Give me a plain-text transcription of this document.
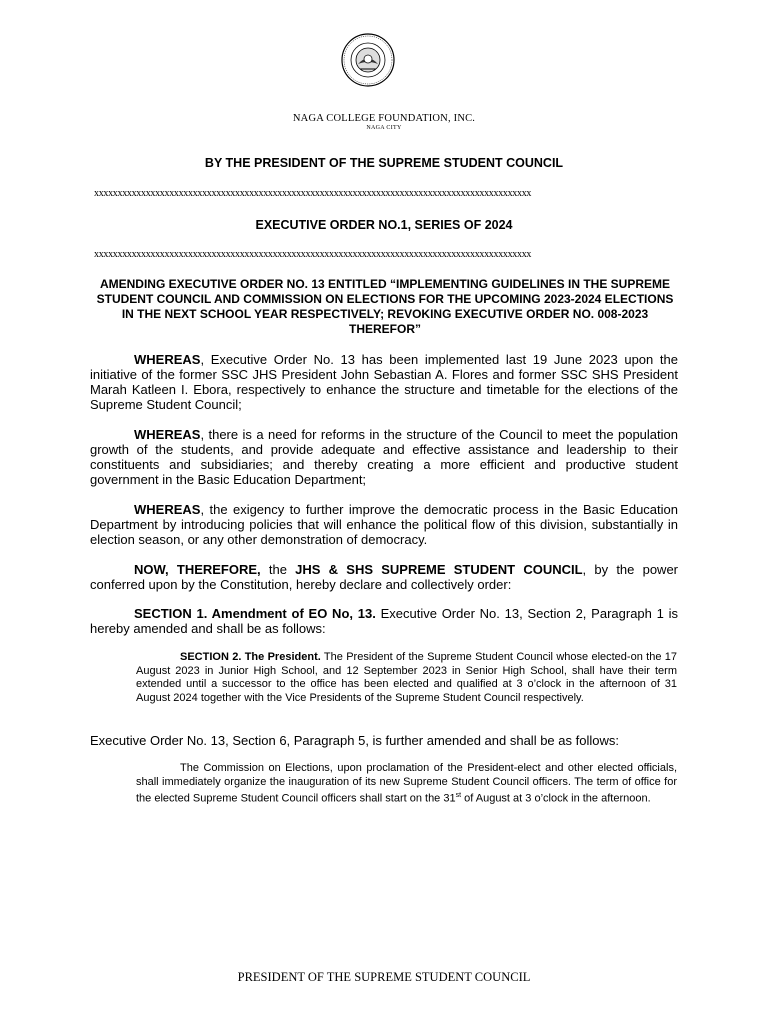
NAGA COLLEGE FOUNDATION, INC.
NAGA CITY
BY THE PRESIDENT OF THE SUPREME STUDENT COUNCIL
xxxxxxxxxxxxxxxxxxxxxxxxxxxxxxxxxxxxxxxxxxxxxxxxxxxxxxxxxxxxxxxxxxxxxxxxxxxxxxxxxxxxxxxxxxxxx
EXECUTIVE ORDER NO.1, SERIES OF 2024
xxxxxxxxxxxxxxxxxxxxxxxxxxxxxxxxxxxxxxxxxxxxxxxxxxxxxxxxxxxxxxxxxxxxxxxxxxxxxxxxxxxxxxxxxxxxx
AMENDING EXECUTIVE ORDER NO. 13 ENTITLED “IMPLEMENTING GUIDELINES IN THE SUPREME STUDENT COUNCIL AND COMMISSION ON ELECTIONS FOR THE UPCOMING 2023-2024 ELECTIONS IN THE NEXT SCHOOL YEAR RESPECTIVELY; REVOKING EXECUTIVE ORDER NO. 008-2023 THEREFOR”
WHEREAS, Executive Order No. 13 has been implemented last 19 June 2023 upon the initiative of the former SSC JHS President John Sebastian A. Flores and former SSC SHS President Marah Katleen I. Ebora, respectively to enhance the structure and timetable for the elections of the Supreme Student Council;
WHEREAS, there is a need for reforms in the structure of the Council to meet the population growth of the students, and provide adequate and effective assistance and leadership to their constituents and subsidiaries; and thereby creating a more efficient and productive student government in the Basic Education Department;
WHEREAS, the exigency to further improve the democratic process in the Basic Education Department by introducing policies that will enhance the political flow of this division, substantially in election season, or any other demonstration of democracy.
NOW, THEREFORE, the JHS & SHS SUPREME STUDENT COUNCIL, by the power conferred upon by the Constitution, hereby declare and collectively order:
SECTION 1. Amendment of EO No, 13. Executive Order No. 13, Section 2, Paragraph 1 is hereby amended and shall be as follows:
SECTION 2. The President. The President of the Supreme Student Council whose elected-on the 17 August 2023 in Junior High School, and 12 September 2023 in Senior High School, shall have their term extended until a successor to the office has been elected and qualified at 3 o’clock in the afternoon of 31 August 2024 together with the Vice Presidents of the Supreme Student Council respectively.
Executive Order No. 13, Section 6, Paragraph 5, is further amended and shall be as follows:
The Commission on Elections, upon proclamation of the President-elect and other elected officials, shall immediately organize the inauguration of its new Supreme Student Council officers. The term of office for the elected Supreme Student Council officers shall start on the 31st of August at 3 o’clock in the afternoon.
PRESIDENT OF THE SUPREME STUDENT COUNCIL
